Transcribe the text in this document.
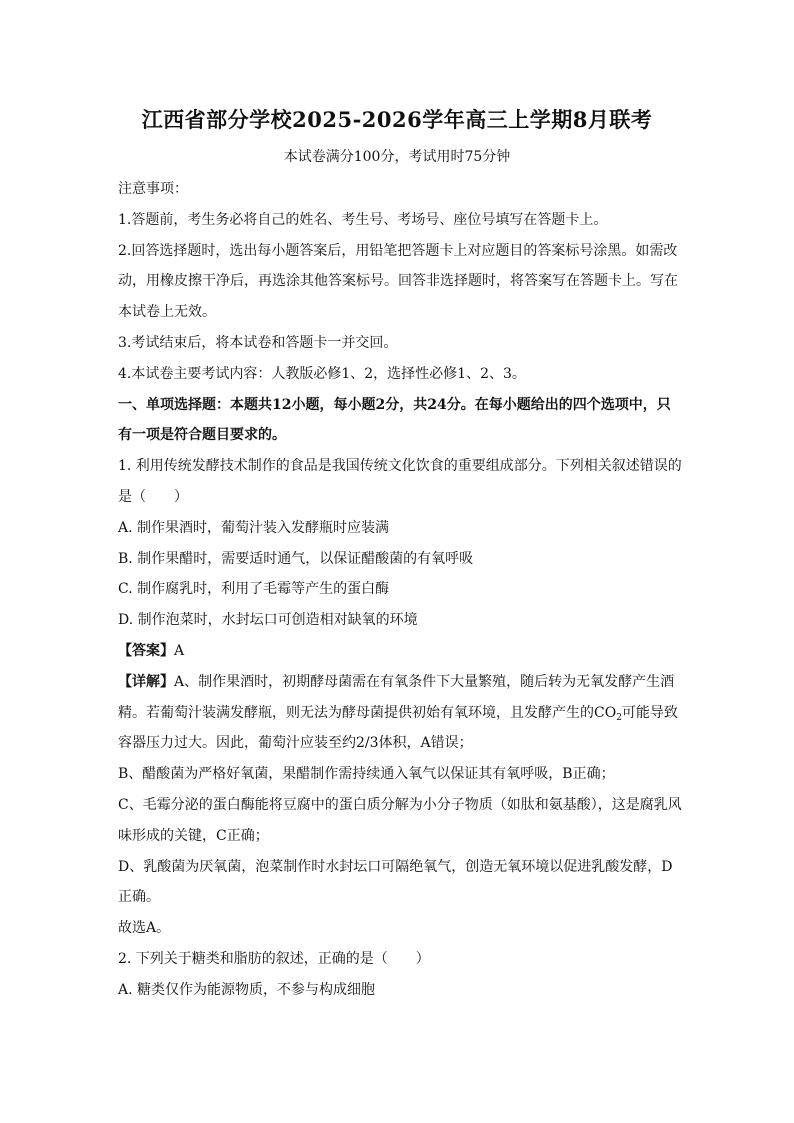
江西省部分学校2025-2026学年高三上学期8月联考

本试卷满分100分，考试用时75分钟

注意事项：

1.答题前，考生务必将自己的姓名、考生号、考场号、座位号填写在答题卡上。

2.回答选择题时，选出每小题答案后，用铅笔把答题卡上对应题目的答案标号涂黑。如需改动，用橡皮擦干净后，再选涂其他答案标号。回答非选择题时，将答案写在答题卡上。写在本试卷上无效。

3.考试结束后，将本试卷和答题卡一并交回。

4.本试卷主要考试内容：人教版必修1、2，选择性必修1、2、3。

一、单项选择题：本题共12小题，每小题2分，共24分。在每小题给出的四个选项中，只有一项是符合题目要求的。

1. 利用传统发酵技术制作的食品是我国传统文化饮食的重要组成部分。下列相关叙述错误的是（　　）

A. 制作果酒时，葡萄汁装入发酵瓶时应装满

B. 制作果醋时，需要适时通气，以保证醋酸菌的有氧呼吸

C. 制作腐乳时，利用了毛霉等产生的蛋白酶

D. 制作泡菜时，水封坛口可创造相对缺氧的环境

【答案】A

【详解】A、制作果酒时，初期酵母菌需在有氧条件下大量繁殖，随后转为无氧发酵产生酒精。若葡萄汁装满发酵瓶，则无法为酵母菌提供初始有氧环境，且发酵产生的$CO_2$可能导致容器压力过大。因此，葡萄汁应装至约2/3体积，A错误；

B、醋酸菌为严格好氧菌，果醋制作需持续通入氧气以保证其有氧呼吸，B正确；

C、毛霉分泌的蛋白酶能将豆腐中的蛋白质分解为小分子物质（如肽和氨基酸），这是腐乳风味形成的关键，C正确；

D、乳酸菌为厌氧菌，泡菜制作时水封坛口可隔绝氧气，创造无氧环境以促进乳酸发酵，D正确。

故选A。

2. 下列关于糖类和脂肪的叙述，正确的是（　　）

A. 糖类仅作为能源物质，不参与构成细胞
